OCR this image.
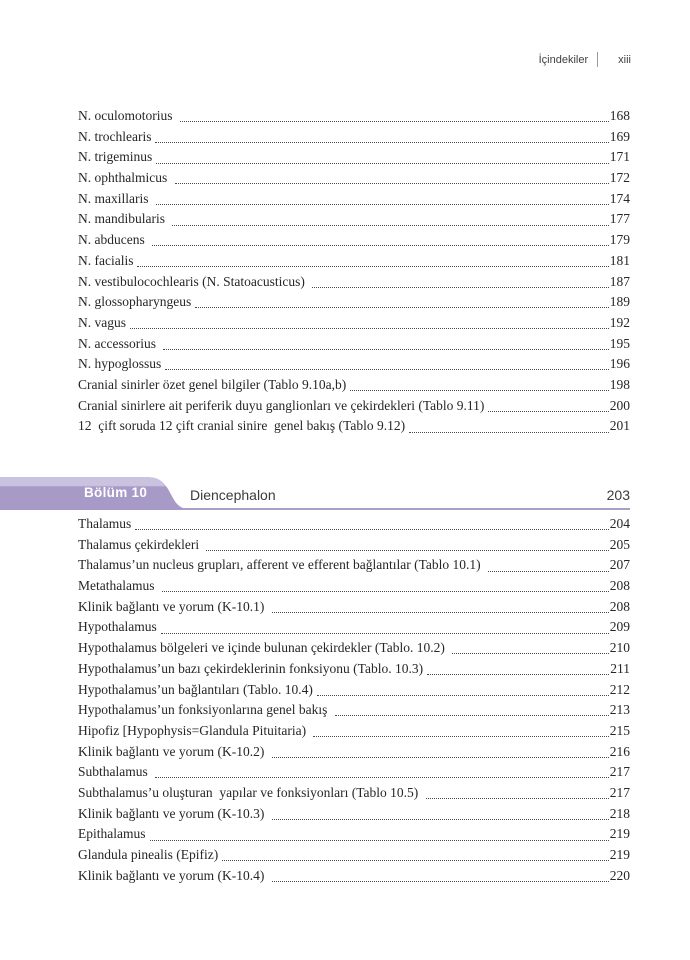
İçindekiler	xiii
N. oculomotorius	168
N. trochlearis	169
N. trigeminus	171
N. ophthalmicus	172
N. maxillaris	174
N. mandibularis	177
N. abducens	179
N. facialis	181
N. vestibulocochlearis (N. Statoacusticus)	187
N. glossopharyngeus	189
N. vagus	192
N. accessorius	195
N. hypoglossus	196
Cranial sinirler özet genel bilgiler (Tablo 9.10a,b)	198
Cranial sinirlere ait periferik duyu ganglionları ve çekirdekleri (Tablo 9.11)	200
12  çift soruda 12 çift cranial sinire  genel bakış (Tablo 9.12)	201
Bölüm 10	Diencephalon	203
Thalamus	204
Thalamus çekirdekleri	205
Thalamus’un nucleus grupları, afferent ve efferent bağlantılar (Tablo 10.1)	207
Metathalamus	208
Klinik bağlantı ve yorum (K-10.1)	208
Hypothalamus	209
Hypothalamus bölgeleri ve içinde bulunan çekirdekler (Tablo. 10.2)	210
Hypothalamus’un bazı çekirdeklerinin fonksiyonu (Tablo. 10.3)	211
Hypothalamus’un bağlantıları (Tablo. 10.4)	212
Hypothalamus’un fonksiyonlarına genel bakış	213
Hipofiz [Hypophysis=Glandula Pituitaria)	215
Klinik bağlantı ve yorum (K-10.2)	216
Subthalamus	217
Subthalamus’u oluşturan  yapılar ve fonksiyonları (Tablo 10.5)	217
Klinik bağlantı ve yorum (K-10.3)	218
Epithalamus	219
Glandula pinealis (Epifiz)	219
Klinik bağlantı ve yorum (K-10.4)	220
